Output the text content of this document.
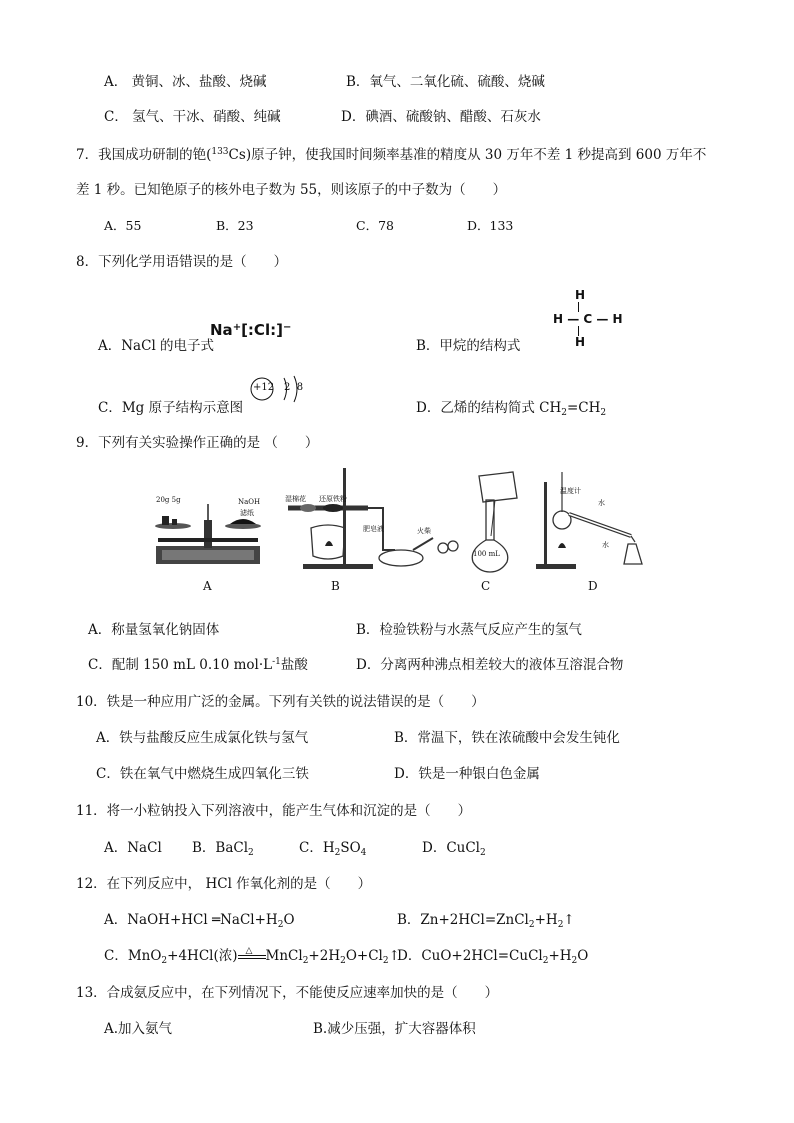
A． 黄铜、冰、盐酸、烧碱	B．氧气、二氧化硫、硫酸、烧碱
C． 氢气、干冰、硝酸、纯碱	D．碘酒、硫酸钠、醋酸、石灰水
7．我国成功研制的铯($^{133}$Cs)原子钟，使我国时间频率基准的精度从 30 万年不差 1 秒提高到 600 万年不
差 1 秒。已知铯原子的核外电子数为 55，则该原子的中子数为（　　）
A．55	B．23	C．78	D．133
8．下列化学用语错误的是（　　）
A．NaCl 的电子式
Na+[:Cl:]−
B．甲烷的结构式
H
H — C — H
H
C．Mg 原子结构示意图
+12 2  8
D．乙烯的结构简式 $CH_2=CH_2$
9．下列有关实验操作正确的是 （　　）
20g 5g	NaOH
滤纸
湿棉花 还原铁粉
肥皂液	火柴
100 mL
温度计
水
水
A	B	C	D
A．称量氢氧化钠固体	B．检验铁粉与水蒸气反应产生的氢气
C．配制 150 mL 0.10 $mol\cdot L^{-1}$盐酸	D．分离两种沸点相差较大的液体互溶混合物
10．铁是一种应用广泛的金属。下列有关铁的说法错误的是（　　）
A．铁与盐酸反应生成氯化铁与氢气	B．常温下，铁在浓硫酸中会发生钝化
C．铁在氧气中燃烧生成四氧化三铁	D．铁是一种银白色金属
11．将一小粒钠投入下列溶液中，能产生气体和沉淀的是（　　）
A．NaCl B．BaCl$_2$	C．$H_2SO_4$	D．CuCl$_2$
12．在下列反应中， HCl 作氧化剂的是（　　）
A．NaOH+HCl $═NaCl+H_2O$	B．$Zn+2HCl=ZnCl_2+H_2↑$
C．MnO$_2$+4HCl(浓) △ $MnCl_2+2H_2O+Cl_2↑$
D．$CuO+2HCl=CuCl_2+H_2O$
13．合成氨反应中，在下列情况下，不能使反应速率加快的是（　　）
A.加入氨气	B.减少压强，扩大容器体积
